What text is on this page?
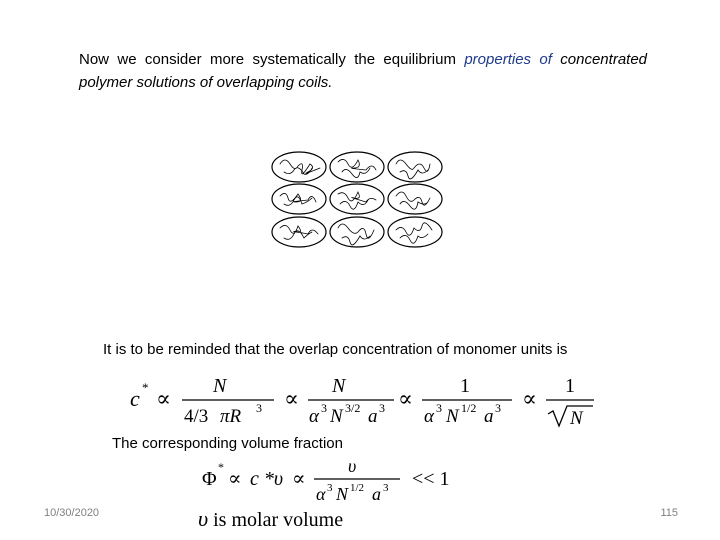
Now we consider more systematically the equilibrium properties of concentrated polymer solutions of overlapping coils.

It is to be reminded that the overlap concentration of monomer units is
c * ∝ N
4/3 πR 3 ∝ N
α 3 N 3/2 a 3 ∝ 1
α 3 N 1/2 a 3 ∝ 1
N
The corresponding volume fraction
Φ
*
∝ c *υ ∝
υ
α 3 N 1/2 a 3 << 1
υ is molar volume
10/30/2020	115
